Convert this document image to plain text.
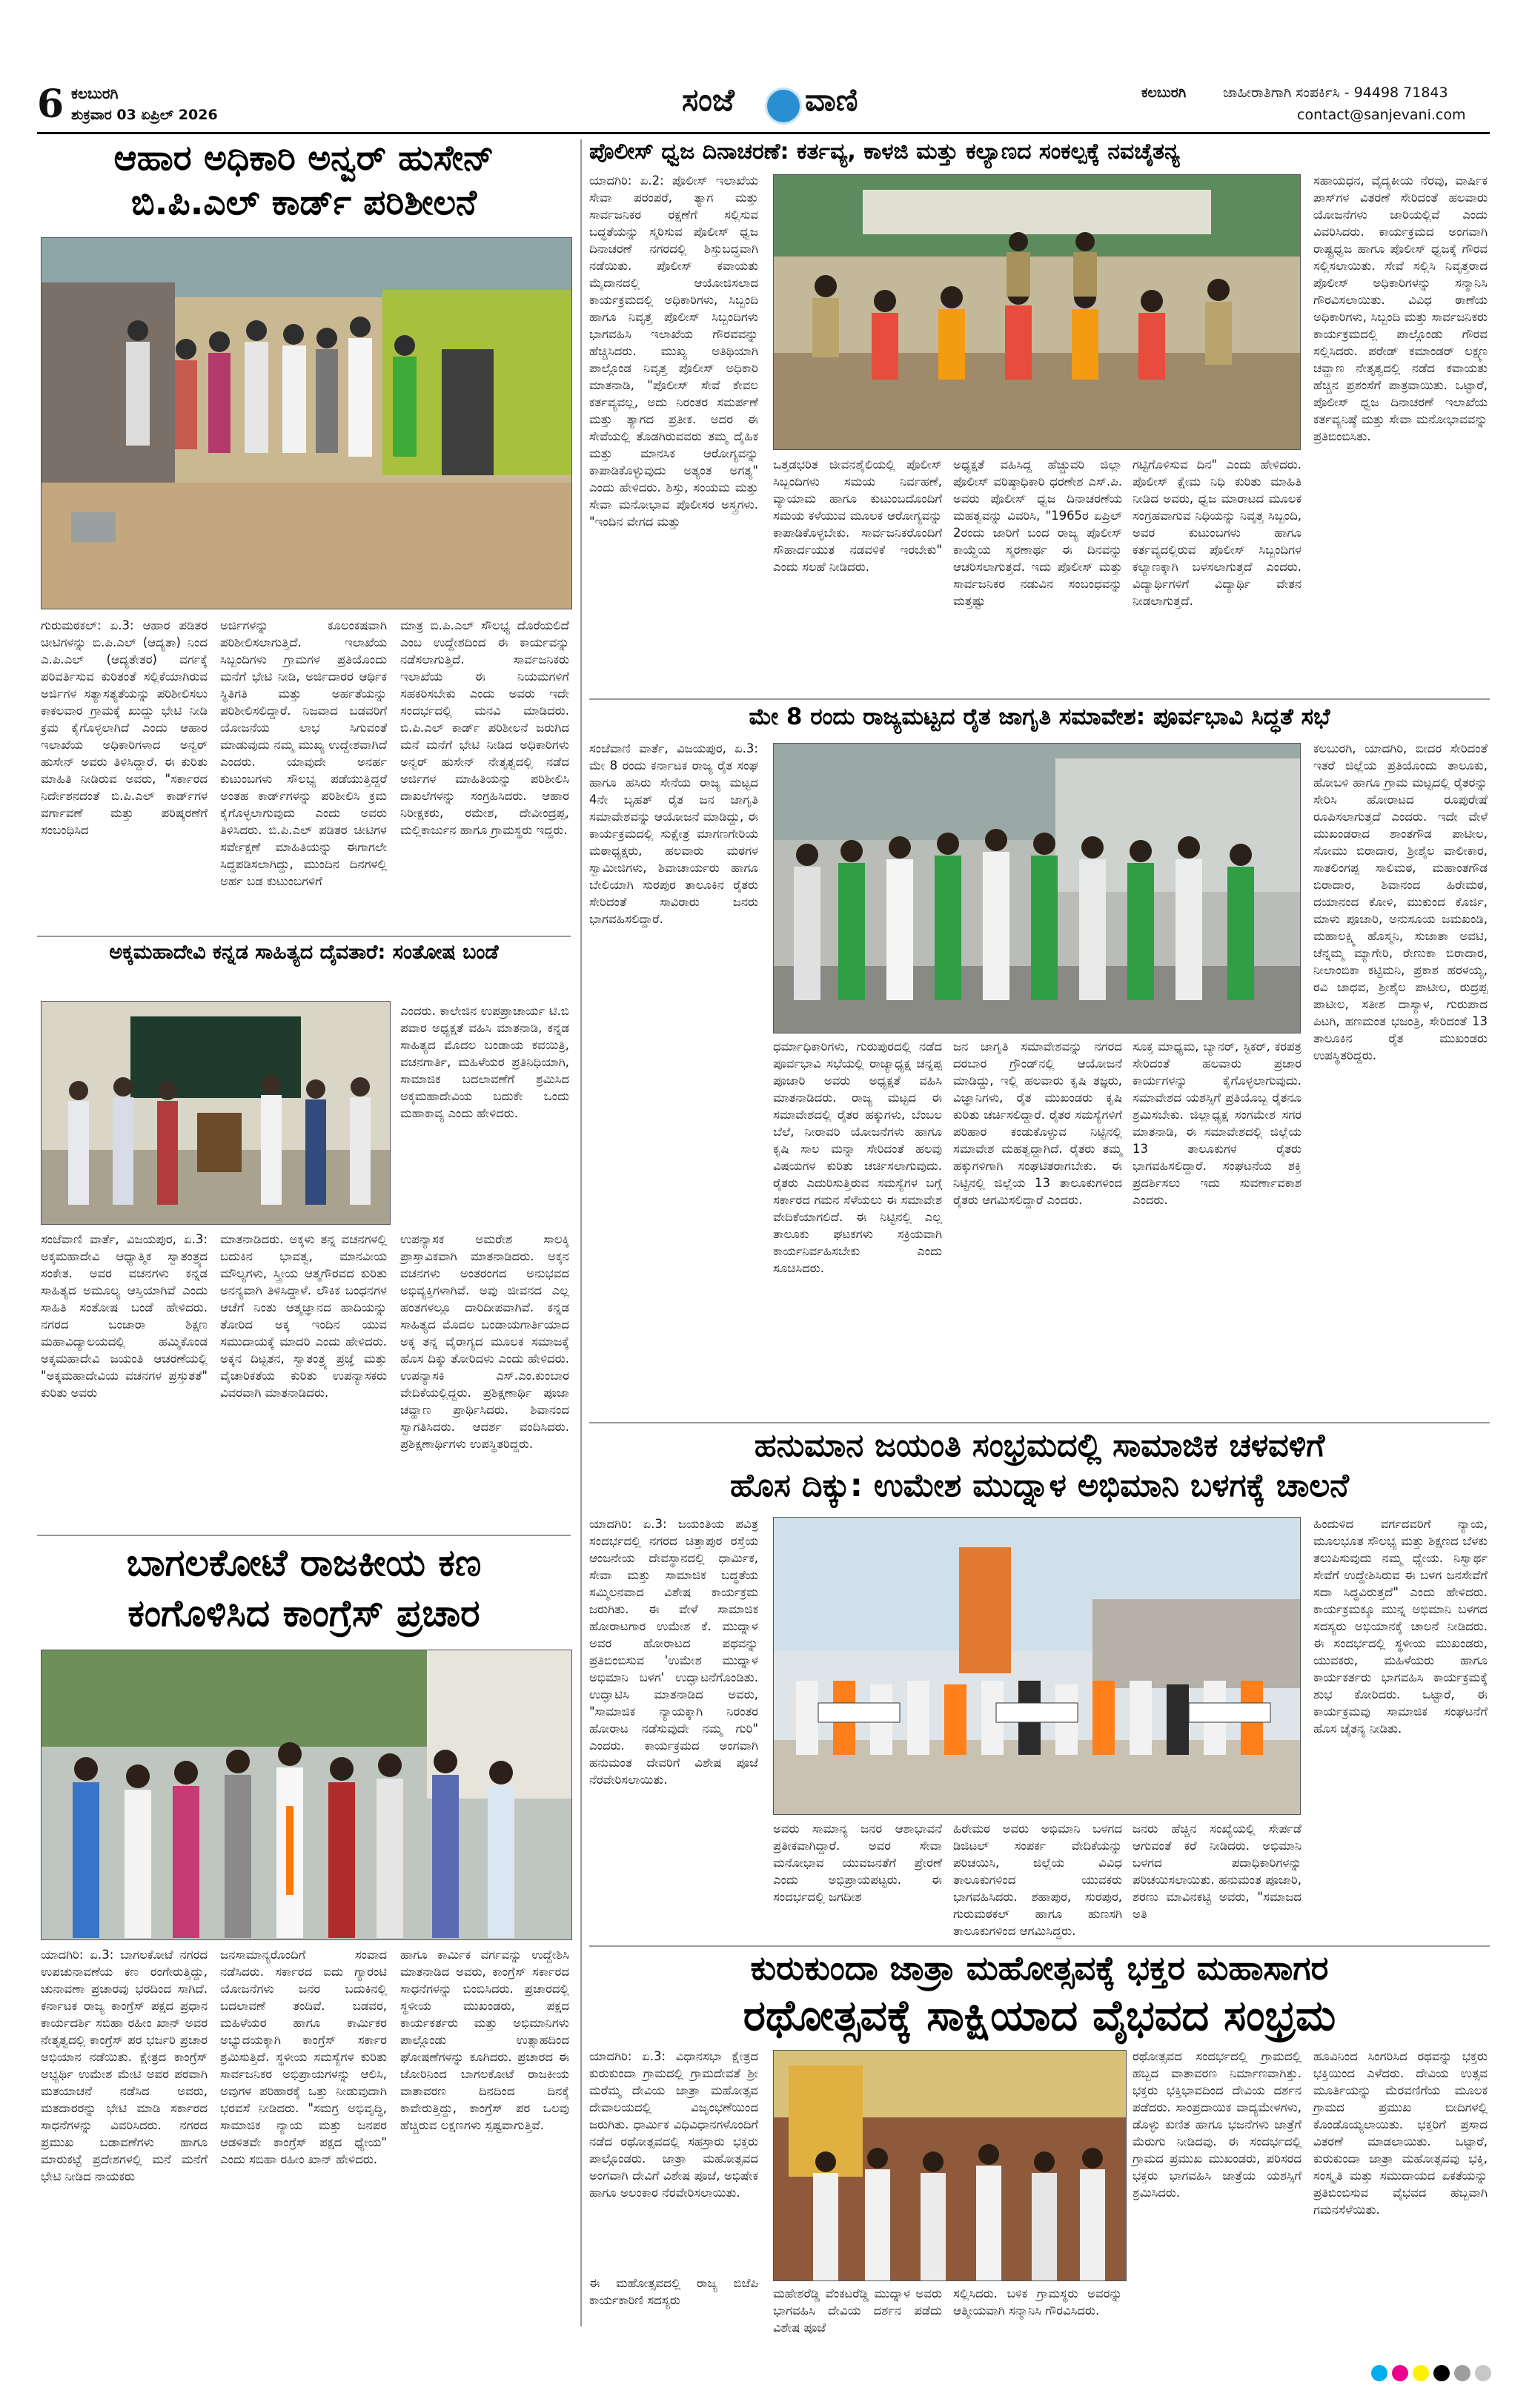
6 ಕಲಬುರಗಿ
ಶುಕ್ರವಾರ 03 ಏಪ್ರಿಲ್ 2026	ಸಂಜೆ ವಾಣಿ	ಕಲಬುರಗಿ	ಜಾಹೀರಾತಿಗಾಗಿ ಸಂಪರ್ಕಿಸಿ - 94498 71843
contact@sanjevani.com
ಆಹಾರ ಅಧಿಕಾರಿ ಅನ್ವರ್ ಹುಸೇನ್
ಬಿ.ಪಿ.ಎಲ್ ಕಾರ್ಡ್ ಪರಿಶೀಲನೆ
ಗುರುಮಠಕಲ್: ಏ.3: ಆಹಾರ ಪಡಿತರ ಚೀಟಿಗಳನ್ನು ಬಿ.ಪಿ.ಎಲ್ (ಆದ್ಯತಾ) ನಿಂದ ಎ.ಪಿ.ಎಲ್ (ಆದ್ಯತೇತರ) ವರ್ಗಕ್ಕೆ ಪರಿವರ್ತಿಸುವ ಕುರಿತಂತೆ ಸಲ್ಲಿಕೆಯಾಗಿರುವ ಅರ್ಜಿಗಳ ಸತ್ಯಾಸತ್ಯತೆಯನ್ನು ಪರಿಶೀಲಿಸಲು ಕಾಕಲವಾರ ಗ್ರಾಮಕ್ಕೆ ಖುದ್ದು ಭೇಟಿ ನೀಡಿ ಕ್ರಮ ಕೈಗೊಳ್ಳಲಾಗಿದೆ ಎಂದು ಆಹಾರ ಇಲಾಖೆಯ ಅಧಿಕಾರಿಗಳಾದ ಅನ್ವರ್ ಹುಸೇನ್ ಅವರು ತಿಳಿಸಿದ್ದಾರೆ. ಈ ಕುರಿತು ಮಾಹಿತಿ ನೀಡಿರುವ ಅವರು, "ಸರ್ಕಾರದ ನಿರ್ದೇಶನದಂತೆ ಬಿ.ಪಿ.ಎಲ್ ಕಾರ್ಡ್‌ಗಳ ವರ್ಗಾವಣೆ ಮತ್ತು ಪರಿಷ್ಕರಣೆಗೆ ಸಂಬಂಧಿಸಿದ
ಅರ್ಜಿಗಳನ್ನು ಕೂಲಂಕಷವಾಗಿ ಪರಿಶೀಲಿಸಲಾಗುತ್ತಿದೆ. ಇಲಾಖೆಯ ಸಿಬ್ಬಂದಿಗಳು ಗ್ರಾಮಗಳ ಪ್ರತಿಯೊಂದು ಮನೆಗೆ ಭೇಟಿ ನೀಡಿ, ಅರ್ಜಿದಾರರ ಆರ್ಥಿಕ ಸ್ಥಿತಿಗತಿ ಮತ್ತು ಅರ್ಹತೆಯನ್ನು ಪರಿಶೀಲಿಸಲಿದ್ದಾರೆ. ನಿಜವಾದ ಬಡವರಿಗೆ ಯೋಜನೆಯ ಲಾಭ ಸಿಗುವಂತೆ ಮಾಡುವುದು ನಮ್ಮ ಮುಖ್ಯ ಉದ್ದೇಶವಾಗಿದೆ ಎಂದರು. ಯಾವುದೇ ಅನರ್ಹ ಕುಟುಂಬಗಳು ಸೌಲಭ್ಯ ಪಡೆಯುತ್ತಿದ್ದರೆ ಅಂತಹ ಕಾರ್ಡ್‌ಗಳನ್ನು ಪರಿಶೀಲಿಸಿ ಕ್ರಮ ಕೈಗೊಳ್ಳಲಾಗುವುದು ಎಂದು ಅವರು ತಿಳಿಸಿದರು. ಬಿ.ಪಿ.ಎಲ್ ಪಡಿತರ ಚೀಟಿಗಳ ಸರ್ವೇಕ್ಷಣೆ ಮಾಹಿತಿಯನ್ನು ಈಗಾಗಲೇ ಸಿದ್ಧಪಡಿಸಲಾಗಿದ್ದು, ಮುಂದಿನ ದಿನಗಳಲ್ಲಿ ಅರ್ಹ ಬಡ ಕುಟುಂಬಗಳಿಗೆ
ಮಾತ್ರ ಬಿ.ಪಿ.ಎಲ್ ಸೌಲಭ್ಯ ದೊರೆಯಲಿದೆ ಎಂಬ ಉದ್ದೇಶದಿಂದ ಈ ಕಾರ್ಯವನ್ನು ನಡೆಸಲಾಗುತ್ತಿದೆ. ಸಾರ್ವಜನಿಕರು ಇಲಾಖೆಯ ಈ ನಿಯಮಗಳಿಗೆ ಸಹಕರಿಸಬೇಕು ಎಂದು ಅವರು ಇದೇ ಸಂದರ್ಭದಲ್ಲಿ ಮನವಿ ಮಾಡಿದರು. ಬಿ.ಪಿ.ಎಲ್ ಕಾರ್ಡ್ ಪರಿಶೀಲನೆ ಜರುಗಿದ ಮನೆ ಮನೆಗೆ ಭೇಟಿ ನೀಡಿದ ಅಧಿಕಾರಿಗಳು ಅನ್ವರ್ ಹುಸೇನ್ ನೇತೃತ್ವದಲ್ಲಿ ನಡೆದ ಅರ್ಜಿಗಳ ಮಾಹಿತಿಯನ್ನು ಪರಿಶೀಲಿಸಿ ದಾಖಲೆಗಳನ್ನು ಸಂಗ್ರಹಿಸಿದರು. ಆಹಾರ ನಿರೀಕ್ಷಕರು, ರಮೇಶ, ದೇವೀಂದ್ರಪ್ಪ, ಮಲ್ಲಿಕಾರ್ಜುನ ಹಾಗೂ ಗ್ರಾಮಸ್ಥರು ಇದ್ದರು.
ಅಕ್ಕಮಹಾದೇವಿ ಕನ್ನಡ ಸಾಹಿತ್ಯದ ದೈವತಾರೆ: ಸಂತೋಷ ಬಂಡೆ
ಎಂದರು. ಕಾಲೇಜಿನ ಉಪಪ್ರಾಚಾರ್ಯ ಟಿ.ಬಿ ಪವಾರ ಅಧ್ಯಕ್ಷತೆ ವಹಿಸಿ ಮಾತನಾಡಿ, ಕನ್ನಡ ಸಾಹಿತ್ಯದ ಮೊದಲ ಬಂಡಾಯ ಕವಯಿತ್ರಿ, ವಚನಗಾರ್ತಿ, ಮಹಿಳೆಯರ ಪ್ರತಿನಿಧಿಯಾಗಿ, ಸಾಮಾಜಿಕ ಬದಲಾವಣೆಗೆ ಶ್ರಮಿಸಿದ ಅಕ್ಕಮಹಾದೇವಿಯ ಬದುಕೇ ಒಂದು ಮಹಾಕಾವ್ಯ ಎಂದು ಹೇಳಿದರು.
ಸಂಜೆವಾಣಿ ವಾರ್ತೆ, ವಿಜಯಪುರ, ಏ.3: ಅಕ್ಕಮಹಾದೇವಿ ಆಧ್ಯಾತ್ಮಿಕ ಸ್ವಾತಂತ್ರ್ಯದ ಸಂಕೇತ. ಅವರ ವಚನಗಳು ಕನ್ನಡ ಸಾಹಿತ್ಯದ ಅಮೂಲ್ಯ ಆಸ್ತಿಯಾಗಿವೆ ಎಂದು ಸಾಹಿತಿ ಸಂತೋಷ ಬಂಡೆ ಹೇಳಿದರು. ನಗರದ ಬಂಜಾರಾ ಶಿಕ್ಷಣ ಮಹಾವಿದ್ಯಾಲಯದಲ್ಲಿ ಹಮ್ಮಿಕೊಂಡ ಅಕ್ಕಮಹಾದೇವಿ ಜಯಂತಿ ಆಚರಣೆಯಲ್ಲಿ "ಅಕ್ಕಮಹಾದೇವಿಯ ವಚನಗಳ ಪ್ರಸ್ತುತತೆ" ಕುರಿತು ಅವರು
ಮಾತನಾಡಿದರು. ಅಕ್ಕಳು ತನ್ನ ವಚನಗಳಲ್ಲಿ ಬದುಕಿನ ಭಾವತ್ವ, ಮಾನವೀಯ ಮೌಲ್ಯಗಳು, ಸ್ತ್ರೀಯ ಆತ್ಮಗೌರವದ ಕುರಿತು ಅನನ್ಯವಾಗಿ ತಿಳಿಸಿದ್ದಾಳೆ. ಲೌಕಿಕ ಬಂಧನಗಳ ಆಚೆಗೆ ನಿಂತು ಆತ್ಮಜ್ಞಾನದ ಹಾದಿಯನ್ನು ತೋರಿದ ಅಕ್ಕ ಇಂದಿನ ಯುವ ಸಮುದಾಯಕ್ಕೆ ಮಾದರಿ ಎಂದು ಹೇಳಿದರು. ಅಕ್ಕನ ದಿಟ್ಟತನ, ಸ್ವಾತಂತ್ರ್ಯ ಪ್ರಜ್ಞೆ ಮತ್ತು ವೈಚಾರಿಕತೆಯ ಕುರಿತು ಉಪನ್ಯಾಸಕರು ವಿವರವಾಗಿ ಮಾತನಾಡಿದರು.
ಉಪನ್ಯಾಸಕ ಅಮರೇಶ ಸಾಲಕ್ಕಿ ಪ್ರಾಸ್ತಾವಿಕವಾಗಿ ಮಾತನಾಡಿದರು. ಅಕ್ಕನ ವಚನಗಳು ಅಂತರಂಗದ ಅನುಭವದ ಅಭಿವ್ಯಕ್ತಿಗಳಾಗಿವೆ. ಅವು ಜೀವನದ ಎಲ್ಲ ಹಂತಗಳಲ್ಲೂ ದಾರಿದೀಪವಾಗಿವೆ. ಕನ್ನಡ ಸಾಹಿತ್ಯದ ಮೊದಲ ಬಂಡಾಯಗಾರ್ತಿಯಾದ ಅಕ್ಕ ತನ್ನ ವೈರಾಗ್ಯದ ಮೂಲಕ ಸಮಾಜಕ್ಕೆ ಹೊಸ ದಿಕ್ಕು ತೋರಿದಳು ಎಂದು ಹೇಳಿದರು. ಉಪನ್ಯಾಸಕಿ ಎಸ್.ಎಂ.ಕುಂಬಾರ ವೇದಿಕೆಯಲ್ಲಿದ್ದರು. ಪ್ರಶಿಕ್ಷಣಾರ್ಥಿ ಪೂಜಾ ಚವ್ಹಾಣ ಪ್ರಾರ್ಥಿಸಿದರು. ಶಿವಾನಂದ ಸ್ವಾಗತಿಸಿದರು. ಆದರ್ಶ ವಂದಿಸಿದರು. ಪ್ರಶಿಕ್ಷಣಾರ್ಥಿಗಳು ಉಪಸ್ಥಿತರಿದ್ದರು.
ಬಾಗಲಕೋಟೆ ರಾಜಕೀಯ ಕಣ
ಕಂಗೊಳಿಸಿದ ಕಾಂಗ್ರೆಸ್ ಪ್ರಚಾರ
ಯಾದಗಿರಿ: ಏ.3: ಬಾಗಲಕೋಟೆ ನಗರದ ಉಪಚುನಾವಣೆಯ ಕಣ ರಂಗೇರುತ್ತಿದ್ದು, ಚುನಾವಣಾ ಪ್ರಚಾರವು ಭರದಿಂದ ಸಾಗಿದೆ. ಕರ್ನಾಟಕ ರಾಜ್ಯ ಕಾಂಗ್ರೆಸ್ ಪಕ್ಷದ ಪ್ರಧಾನ ಕಾರ್ಯದರ್ಶಿ ಸಬಿಹಾ ರಹೀಂ ಖಾನ್ ಅವರ ನೇತೃತ್ವದಲ್ಲಿ ಕಾಂಗ್ರೆಸ್ ಪರ ಭರ್ಜರಿ ಪ್ರಚಾರ ಅಭಿಯಾನ ನಡೆಯಿತು. ಕ್ಷೇತ್ರದ ಕಾಂಗ್ರೆಸ್ ಅಭ್ಯರ್ಥಿ ಉಮೇಶ ಮೇಟಿ ಅವರ ಪರವಾಗಿ ಮತಯಾಚನೆ ನಡೆಸಿದ ಅವರು, ಮತದಾರರನ್ನು ಭೇಟಿ ಮಾಡಿ ಸರ್ಕಾರದ ಸಾಧನೆಗಳನ್ನು ವಿವರಿಸಿದರು. ನಗರದ ಪ್ರಮುಖ ಬಡಾವಣೆಗಳು ಹಾಗೂ ಮಾರುಕಟ್ಟೆ ಪ್ರದೇಶಗಳಲ್ಲಿ ಮನೆ ಮನೆಗೆ ಭೇಟಿ ನೀಡಿದ ನಾಯಕರು
ಜನಸಾಮಾನ್ಯರೊಂದಿಗೆ ಸಂವಾದ ನಡೆಸಿದರು. ಸರ್ಕಾರದ ಐದು ಗ್ಯಾರಂಟಿ ಯೋಜನೆಗಳು ಜನರ ಬದುಕಿನಲ್ಲಿ ಬದಲಾವಣೆ ತಂದಿವೆ. ಬಡವರ, ಮಹಿಳೆಯರ ಹಾಗೂ ಕಾರ್ಮಿಕರ ಅಭ್ಯುದಯಕ್ಕಾಗಿ ಕಾಂಗ್ರೆಸ್ ಸರ್ಕಾರ ಶ್ರಮಿಸುತ್ತಿದೆ. ಸ್ಥಳೀಯ ಸಮಸ್ಯೆಗಳ ಕುರಿತು ಸಾರ್ವಜನಿಕರ ಅಭಿಪ್ರಾಯಗಳನ್ನು ಆಲಿಸಿ, ಅವುಗಳ ಪರಿಹಾರಕ್ಕೆ ಒತ್ತು ನೀಡುವುದಾಗಿ ಭರವಸೆ ನೀಡಿದರು. "ಸಮಗ್ರ ಅಭಿವೃದ್ಧಿ, ಸಾಮಾಜಿಕ ನ್ಯಾಯ ಮತ್ತು ಜನಪರ ಆಡಳಿತವೇ ಕಾಂಗ್ರೆಸ್ ಪಕ್ಷದ ಧ್ಯೇಯ" ಎಂದು ಸಬಿಹಾ ರಹೀಂ ಖಾನ್ ಹೇಳಿದರು.
ಹಾಗೂ ಕಾರ್ಮಿಕ ವರ್ಗವನ್ನು ಉದ್ದೇಶಿಸಿ ಮಾತನಾಡಿದ ಅವರು, ಕಾಂಗ್ರೆಸ್ ಸರ್ಕಾರದ ಸಾಧನೆಗಳನ್ನು ಬಿಂಬಿಸಿದರು. ಪ್ರಚಾರದಲ್ಲಿ ಸ್ಥಳೀಯ ಮುಖಂಡರು, ಪಕ್ಷದ ಕಾರ್ಯಕರ್ತರು ಮತ್ತು ಅಭಿಮಾನಿಗಳು ಪಾಲ್ಗೊಂಡು ಉತ್ಸಾಹದಿಂದ ಘೋಷಣೆಗಳನ್ನು ಕೂಗಿದರು. ಪ್ರಚಾರದ ಈ ಜೋರಿನಿಂದ ಬಾಗಲಕೋಟೆ ರಾಜಕೀಯ ವಾತಾವರಣ ದಿನದಿಂದ ದಿನಕ್ಕೆ ಕಾವೇರುತ್ತಿದ್ದು, ಕಾಂಗ್ರೆಸ್ ಪರ ಒಲವು ಹೆಚ್ಚಿರುವ ಲಕ್ಷಣಗಳು ಸ್ಪಷ್ಟವಾಗುತ್ತಿವೆ.
ಪೊಲೀಸ್ ಧ್ವಜ ದಿನಾಚರಣೆ: ಕರ್ತವ್ಯ, ಕಾಳಜಿ ಮತ್ತು ಕಲ್ಯಾಣದ ಸಂಕಲ್ಪಕ್ಕೆ ನವಚೈತನ್ಯ
ಯಾದಗಿರಿ: ಏ.2: ಪೊಲೀಸ್ ಇಲಾಖೆಯ ಸೇವಾ ಪರಂಪರೆ, ತ್ಯಾಗ ಮತ್ತು ಸಾರ್ವಜನಿಕರ ರಕ್ಷಣೆಗೆ ಸಲ್ಲಿಸುವ ಬದ್ಧತೆಯನ್ನು ಸ್ಮರಿಸುವ ಪೊಲೀಸ್ ಧ್ವಜ ದಿನಾಚರಣೆ ನಗರದಲ್ಲಿ ಶಿಸ್ತುಬದ್ಧವಾಗಿ ನಡೆಯಿತು. ಪೊಲೀಸ್ ಕವಾಯತು ಮೈದಾನದಲ್ಲಿ ಆಯೋಜಿಸಲಾದ ಕಾರ್ಯಕ್ರಮದಲ್ಲಿ ಅಧಿಕಾರಿಗಳು, ಸಿಬ್ಬಂದಿ ಹಾಗೂ ನಿವೃತ್ತ ಪೊಲೀಸ್ ಸಿಬ್ಬಂದಿಗಳು ಭಾಗವಹಿಸಿ ಇಲಾಖೆಯ ಗೌರವವನ್ನು ಹೆಚ್ಚಿಸಿದರು. ಮುಖ್ಯ ಅತಿಥಿಯಾಗಿ ಪಾಲ್ಗೊಂಡ ನಿವೃತ್ತ ಪೊಲೀಸ್ ಅಧಿಕಾರಿ ಮಾತನಾಡಿ, "ಪೊಲೀಸ್ ಸೇವೆ ಕೇವಲ ಕರ್ತವ್ಯವಲ್ಲ, ಅದು ನಿರಂತರ ಸಮರ್ಪಣೆ ಮತ್ತು ತ್ಯಾಗದ ಪ್ರತೀಕ. ಅದರ ಈ ಸೇವೆಯಲ್ಲಿ ತೊಡಗಿರುವವರು ತಮ್ಮ ದೈಹಿಕ ಮತ್ತು ಮಾನಸಿಕ ಆರೋಗ್ಯವನ್ನು ಕಾಪಾಡಿಕೊಳ್ಳುವುದು ಅತ್ಯಂತ ಅಗತ್ಯ" ಎಂದು ಹೇಳಿದರು. ಶಿಸ್ತು, ಸಂಯಮ ಮತ್ತು ಸೇವಾ ಮನೋಭಾವ ಪೊಲೀಸರ ಅಸ್ತ್ರಗಳು. "ಇಂದಿನ ವೇಗದ ಮತ್ತು
ಒತ್ತಡಭರಿತ ಜೀವನಶೈಲಿಯಲ್ಲಿ ಪೊಲೀಸ್ ಸಿಬ್ಬಂದಿಗಳು ಸಮಯ ನಿರ್ವಹಣೆ, ವ್ಯಾಯಾಮ ಹಾಗೂ ಕುಟುಂಬದೊಂದಿಗೆ ಸಮಯ ಕಳೆಯುವ ಮೂಲಕ ಆರೋಗ್ಯವನ್ನು ಕಾಪಾಡಿಕೊಳ್ಳಬೇಕು. ಸಾರ್ವಜನಿಕರೊಂದಿಗೆ ಸೌಹಾರ್ದಯುತ ನಡವಳಿಕೆ ಇರಬೇಕು" ಎಂದು ಸಲಹೆ ನೀಡಿದರು.
ಅಧ್ಯಕ್ಷತೆ ವಹಿಸಿದ್ದ ಹೆಚ್ಚುವರಿ ಜಿಲ್ಲಾ ಪೊಲೀಸ್ ವರಿಷ್ಠಾಧಿಕಾರಿ ಧರಣೇಶ ಎಸ್.ಪಿ. ಅವರು ಪೊಲೀಸ್ ಧ್ವಜ ದಿನಾಚರಣೆಯ ಮಹತ್ವವನ್ನು ವಿವರಿಸಿ, "1965ರ ಏಪ್ರಿಲ್ 2ರಂದು ಜಾರಿಗೆ ಬಂದ ರಾಜ್ಯ ಪೊಲೀಸ್ ಕಾಯ್ದೆಯ ಸ್ಮರಣಾರ್ಥ ಈ ದಿನವನ್ನು ಆಚರಿಸಲಾಗುತ್ತದೆ. ಇದು ಪೊಲೀಸ್ ಮತ್ತು ಸಾರ್ವಜನಿಕರ ನಡುವಿನ ಸಂಬಂಧವನ್ನು ಮತ್ತಷ್ಟು
ಗಟ್ಟಿಗೊಳಿಸುವ ದಿನ" ಎಂದು ಹೇಳಿದರು. ಪೊಲೀಸ್ ಕ್ಷೇಮ ನಿಧಿ ಕುರಿತು ಮಾಹಿತಿ ನೀಡಿದ ಅವರು, ಧ್ವಜ ಮಾರಾಟದ ಮೂಲಕ ಸಂಗ್ರಹವಾಗುವ ನಿಧಿಯನ್ನು ನಿವೃತ್ತ ಸಿಬ್ಬಂದಿ, ಅವರ ಕುಟುಂಬಗಳು ಹಾಗೂ ಕರ್ತವ್ಯದಲ್ಲಿರುವ ಪೊಲೀಸ್ ಸಿಬ್ಬಂದಿಗಳ ಕಲ್ಯಾಣಕ್ಕಾಗಿ ಬಳಸಲಾಗುತ್ತದೆ ಎಂದರು. ವಿದ್ಯಾರ್ಥಿಗಳಿಗೆ ವಿದ್ಯಾರ್ಥಿ ವೇತನ ನೀಡಲಾಗುತ್ತದೆ.
ಸಹಾಯಧನ, ವೈದ್ಯಕೀಯ ನೆರವು, ವಾರ್ಷಿಕ ಪಾಸ್‌ಗಳ ವಿತರಣೆ ಸೇರಿದಂತೆ ಹಲವಾರು ಯೋಜನೆಗಳು ಜಾರಿಯಲ್ಲಿವೆ ಎಂದು ವಿವರಿಸಿದರು. ಕಾರ್ಯಕ್ರಮದ ಅಂಗವಾಗಿ ರಾಷ್ಟ್ರಧ್ವಜ ಹಾಗೂ ಪೊಲೀಸ್ ಧ್ವಜಕ್ಕೆ ಗೌರವ ಸಲ್ಲಿಸಲಾಯಿತು. ಸೇವೆ ಸಲ್ಲಿಸಿ ನಿವೃತ್ತರಾದ ಪೊಲೀಸ್ ಅಧಿಕಾರಿಗಳನ್ನು ಸನ್ಮಾನಿಸಿ ಗೌರವಿಸಲಾಯಿತು. ವಿವಿಧ ಠಾಣೆಯ ಅಧಿಕಾರಿಗಳು, ಸಿಬ್ಬಂದಿ ಮತ್ತು ಸಾರ್ವಜನಿಕರು ಕಾರ್ಯಕ್ರಮದಲ್ಲಿ ಪಾಲ್ಗೊಂಡು ಗೌರವ ಸಲ್ಲಿಸಿದರು. ಪರೇಡ್ ಕಮಾಂಡರ್ ಲಕ್ಷ್ಮಣ ಚವ್ಹಾಣ ನೇತೃತ್ವದಲ್ಲಿ ನಡೆದ ಕವಾಯತು ಹೆಚ್ಚಿನ ಪ್ರಶಂಸೆಗೆ ಪಾತ್ರವಾಯಿತು. ಒಟ್ಟಾರೆ, ಪೊಲೀಸ್ ಧ್ವಜ ದಿನಾಚರಣೆ ಇಲಾಖೆಯ ಕರ್ತವ್ಯನಿಷ್ಠೆ ಮತ್ತು ಸೇವಾ ಮನೋಭಾವವನ್ನು ಪ್ರತಿಬಿಂಬಿಸಿತು.
ಮೇ 8 ರಂದು ರಾಜ್ಯಮಟ್ಟದ ರೈತ ಜಾಗೃತಿ ಸಮಾವೇಶ: ಪೂರ್ವಭಾವಿ ಸಿದ್ಧತೆ ಸಭೆ
ಸಂಜೆವಾಣಿ ವಾರ್ತೆ, ವಿಜಯಪುರ, ಏ.3: ಮೇ 8 ರಂದು ಕರ್ನಾಟಕ ರಾಜ್ಯ ರೈತ ಸಂಘ ಹಾಗೂ ಹಸಿರು ಸೇನೆಯ ರಾಜ್ಯ ಮಟ್ಟದ 4ನೇ ಬೃಹತ್ ರೈತ ಜನ ಜಾಗೃತಿ ಸಮಾವೇಶವನ್ನು ಆಯೋಜನೆ ಮಾಡಿದ್ದು, ಈ ಕಾರ್ಯಕ್ರಮದಲ್ಲಿ ಸುಕ್ಷೇತ್ರ ಮಾಗಣಗೇರಿಯ ಮಠಾಧ್ಯಕ್ಷರು, ಹಲವಾರು ಮಠಗಳ ಸ್ವಾಮೀಜಿಗಳು, ಶಿವಾಚಾರ್ಯರು ಹಾಗೂ ಬೇಲಿಯಾಗಿ ಸುರಪುರ ತಾಲೂಕಿನ ರೈತರು ಸೇರಿದಂತೆ ಸಾವಿರಾರು ಜನರು ಭಾಗವಹಿಸಲಿದ್ದಾರೆ.
ಧರ್ಮಾಧಿಕಾರಿಗಳು, ಗುರುಪುರದಲ್ಲಿ ನಡೆದ ಪೂರ್ವಭಾವಿ ಸಭೆಯಲ್ಲಿ ರಾಜ್ಯಾಧ್ಯಕ್ಷ ಚನ್ನಪ್ಪ ಪೂಜಾರಿ ಅವರು ಅಧ್ಯಕ್ಷತೆ ವಹಿಸಿ ಮಾತನಾಡಿದರು. ರಾಜ್ಯ ಮಟ್ಟದ ಈ ಸಮಾವೇಶದಲ್ಲಿ ರೈತರ ಹಕ್ಕುಗಳು, ಬೆಂಬಲ ಬೆಲೆ, ನೀರಾವರಿ ಯೋಜನೆಗಳು ಹಾಗೂ ಕೃಷಿ ಸಾಲ ಮನ್ನಾ ಸೇರಿದಂತೆ ಹಲವು ವಿಷಯಗಳ ಕುರಿತು ಚರ್ಚಿಸಲಾಗುವುದು. ರೈತರು ಎದುರಿಸುತ್ತಿರುವ ಸಮಸ್ಯೆಗಳ ಬಗ್ಗೆ ಸರ್ಕಾರದ ಗಮನ ಸೆಳೆಯಲು ಈ ಸಮಾವೇಶ ವೇದಿಕೆಯಾಗಲಿದೆ. ಈ ನಿಟ್ಟಿನಲ್ಲಿ ಎಲ್ಲ ತಾಲೂಕು ಘಟಕಗಳು ಸಕ್ರಿಯವಾಗಿ ಕಾರ್ಯನಿರ್ವಹಿಸಬೇಕು ಎಂದು ಸೂಚಿಸಿದರು.
ಜನ ಜಾಗೃತಿ ಸಮಾವೇಶವನ್ನು ನಗರದ ದರಬಾರ ಗ್ರೌಂಡ್‌ನಲ್ಲಿ ಆಯೋಜನೆ ಮಾಡಿದ್ದು, ಇಲ್ಲಿ ಹಲವಾರು ಕೃಷಿ ತಜ್ಞರು, ವಿಜ್ಞಾನಿಗಳು, ರೈತ ಮುಖಂಡರು ಕೃಷಿ ಕುರಿತು ಚರ್ಚಿಸಲಿದ್ದಾರೆ. ರೈತರ ಸಮಸ್ಯೆಗಳಿಗೆ ಪರಿಹಾರ ಕಂಡುಕೊಳ್ಳುವ ನಿಟ್ಟಿನಲ್ಲಿ ಸಮಾವೇಶ ಮಹತ್ವದ್ದಾಗಿದೆ. ರೈತರು ತಮ್ಮ ಹಕ್ಕುಗಳಿಗಾಗಿ ಸಂಘಟಿತರಾಗಬೇಕು. ಈ ನಿಟ್ಟಿನಲ್ಲಿ ಜಿಲ್ಲೆಯ 13 ತಾಲೂಕುಗಳಿಂದ ರೈತರು ಆಗಮಿಸಲಿದ್ದಾರೆ ಎಂದರು.
ಸೂಕ್ತ ಮಾಧ್ಯಮ, ಬ್ಯಾನರ್, ಸ್ಟಿಕರ್, ಕರಪತ್ರ ಸೇರಿದಂತೆ ಹಲವಾರು ಪ್ರಚಾರ ಕಾರ್ಯಗಳನ್ನು ಕೈಗೊಳ್ಳಲಾಗುವುದು. ಸಮಾವೇಶದ ಯಶಸ್ಸಿಗೆ ಪ್ರತಿಯೊಬ್ಬ ರೈತನೂ ಶ್ರಮಿಸಬೇಕು. ಜಿಲ್ಲಾಧ್ಯಕ್ಷ ಸಂಗಮೇಶ ಸಗರ ಮಾತನಾಡಿ, ಈ ಸಮಾವೇಶದಲ್ಲಿ ಜಿಲ್ಲೆಯ 13 ತಾಲೂಕುಗಳ ರೈತರು ಭಾಗವಹಿಸಲಿದ್ದಾರೆ. ಸಂಘಟನೆಯ ಶಕ್ತಿ ಪ್ರದರ್ಶಿಸಲು ಇದು ಸುವರ್ಣಾವಕಾಶ ಎಂದರು.
ಕಲಬುರಗಿ, ಯಾದಗಿರಿ, ಬೀದರ ಸೇರಿದಂತೆ ಇತರೆ ಜಿಲ್ಲೆಯ ಪ್ರತಿಯೊಂದು ತಾಲೂಕು, ಹೋಬಳಿ ಹಾಗೂ ಗ್ರಾಮ ಮಟ್ಟದಲ್ಲಿ ರೈತರನ್ನು ಸೇರಿಸಿ ಹೋರಾಟದ ರೂಪುರೇಷೆ ರೂಪಿಸಲಾಗುತ್ತದೆ ಎಂದರು. ಇದೇ ವೇಳೆ ಮುಖಂಡರಾದ ಶಾಂತಗೌಡ ಪಾಟೀಲ, ಸೋಮು ಬಿರಾದಾರ, ಶ್ರೀಶೈಲ ವಾಲೀಕಾರ, ಸಾತಲಿಂಗಪ್ಪ ಸಾಲಿಮಠ, ಮಹಾಂತಗೌಡ ಬಿರಾದಾರ, ಶಿವಾನಂದ ಹಿರೇಮಠ, ದಯಾನಂದ ಕೋಳಿ, ಮುಕುಂದ ಕೊರ್ಜಿ, ಮಾಳು ಪೂಜಾರಿ, ಅನುಸೂಯ ಜಮಖಂಡಿ, ಮಹಾಲಕ್ಷ್ಮಿ ಹೊಸ್ಮನಿ, ಸುಜಾತಾ ಅವಟಿ, ಚೆನ್ನಮ್ಮ ಮ್ಯಾಗೇರಿ, ರೇಣುಕಾ ಬಿರಾದಾರ, ನೀಲಾಂಬಿಕಾ ಕಟ್ಟಿಮನಿ, ಪ್ರಕಾಶ ಹರಳಯ್ಯ, ರವಿ ಜಾಧವ, ಶ್ರೀಶೈಲ ಪಾಟೀಲ, ರುದ್ರಪ್ಪ ಪಾಟೀಲ, ಸತೀಶ ದಾಸ್ಯಾಳ, ಗುರುಪಾದ ಪಿಟಗಿ, ಹಣಮಂತ ಭಜಂತ್ರಿ, ಸೇರಿದಂತೆ 13 ತಾಲೂಕಿನ ರೈತ ಮುಖಂಡರು ಉಪಸ್ಥಿತರಿದ್ದರು.
ಹನುಮಾನ ಜಯಂತಿ ಸಂಭ್ರಮದಲ್ಲಿ ಸಾಮಾಜಿಕ ಚಳವಳಿಗೆ
ಹೊಸ ದಿಕ್ಕು: ಉಮೇಶ ಮುದ್ನಾಳ ಅಭಿಮಾನಿ ಬಳಗಕ್ಕೆ ಚಾಲನೆ
ಯಾದಗಿರಿ: ಏ.3: ಜಯಂತಿಯ ಪವಿತ್ರ ಸಂದರ್ಭದಲ್ಲಿ ನಗರದ ಚಿತ್ತಾಪುರ ರಸ್ತೆಯ ಆಂಜನೇಯ ದೇವಸ್ಥಾನದಲ್ಲಿ ಧಾರ್ಮಿಕ, ಸೇವಾ ಮತ್ತು ಸಾಮಾಜಿಕ ಬದ್ಧತೆಯ ಸಮ್ಮಿಲನವಾದ ವಿಶೇಷ ಕಾರ್ಯಕ್ರಮ ಜರುಗಿತು. ಈ ವೇಳೆ ಸಾಮಾಜಿಕ ಹೋರಾಟಗಾರ ಉಮೇಶ ಕೆ. ಮುದ್ನಾಳ ಅವರ ಹೋರಾಟದ ಪಥವನ್ನು ಪ್ರತಿಬಿಂಬಿಸುವ 'ಉಮೇಶ ಮುದ್ನಾಳ ಅಭಿಮಾನಿ ಬಳಗ' ಉದ್ಘಾಟನೆಗೊಂಡಿತು. ಉದ್ಘಾಟಿಸಿ ಮಾತನಾಡಿದ ಅವರು, "ಸಾಮಾಜಿಕ ನ್ಯಾಯಕ್ಕಾಗಿ ನಿರಂತರ ಹೋರಾಟ ನಡೆಸುವುದೇ ನಮ್ಮ ಗುರಿ" ಎಂದರು. ಕಾರ್ಯಕ್ರಮದ ಅಂಗವಾಗಿ ಹನುಮಂತ ದೇವರಿಗೆ ವಿಶೇಷ ಪೂಜೆ ನೆರವೇರಿಸಲಾಯಿತು.
ಅವರು ಸಾಮಾನ್ಯ ಜನರ ಆಶಾಭಾವನೆ ಪ್ರತೀಕವಾಗಿದ್ದಾರೆ. ಅವರ ಸೇವಾ ಮನೋಭಾವ ಯುವಜನತೆಗೆ ಪ್ರೇರಣೆ ಎಂದು ಅಭಿಪ್ರಾಯಪಟ್ಟರು. ಈ ಸಂದರ್ಭದಲ್ಲಿ ಜಗದೀಶ
ಹಿರೇಮಠ ಅವರು ಅಭಿಮಾನಿ ಬಳಗದ ಡಿಜಿಟಲ್ ಸಂಪರ್ಕ ವೇದಿಕೆಯನ್ನು ಪರಿಚಯಿಸಿ, ಜಿಲ್ಲೆಯ ವಿವಿಧ ತಾಲೂಕುಗಳಿಂದ ಯುವಕರು ಭಾಗವಹಿಸಿದರು. ಶಹಾಪುರ, ಸುರಪುರ, ಗುರುಮಠಕಲ್ ಹಾಗೂ ಹುಣಸಗಿ ತಾಲೂಕುಗಳಿಂದ ಆಗಮಿಸಿದ್ದರು.
ಜನರು ಹೆಚ್ಚಿನ ಸಂಖ್ಯೆಯಲ್ಲಿ ಸೇರ್ಪಡೆ ಆಗುವಂತೆ ಕರೆ ನೀಡಿದರು. ಅಭಿಮಾನಿ ಬಳಗದ ಪದಾಧಿಕಾರಿಗಳನ್ನು ಪರಿಚಯಿಸಲಾಯಿತು. ಹನುಮಂತ ಪೂಜಾರಿ, ಶರಣು ಮಾವಿನಕಟ್ಟಿ ಅವರು, "ಸಮಾಜದ ಅತಿ
ಹಿಂದುಳಿದ ವರ್ಗದವರಿಗೆ ನ್ಯಾಯ, ಮೂಲಭೂತ ಸೌಲಭ್ಯ ಮತ್ತು ಶಿಕ್ಷಣದ ಬೆಳಕು ತಲುಪಿಸುವುದು ನಮ್ಮ ಧ್ಯೇಯ. ನಿಸ್ವಾರ್ಥ ಸೇವೆಗೆ ಉದ್ದೇಶಿಸಿರುವ ಈ ಬಳಗ ಜನಸೇವೆಗೆ ಸದಾ ಸಿದ್ಧವಿರುತ್ತದೆ" ಎಂದು ಹೇಳಿದರು. ಕಾರ್ಯಕ್ರಮಕ್ಕೂ ಮುನ್ನ ಅಭಿಮಾನಿ ಬಳಗದ ಸದಸ್ಯರು ಅಭಿಯಾನಕ್ಕೆ ಚಾಲನೆ ನೀಡಿದರು. ಈ ಸಂದರ್ಭದಲ್ಲಿ ಸ್ಥಳೀಯ ಮುಖಂಡರು, ಯುವಕರು, ಮಹಿಳೆಯರು ಹಾಗೂ ಕಾರ್ಯಕರ್ತರು ಭಾಗವಹಿಸಿ ಕಾರ್ಯಕ್ರಮಕ್ಕೆ ಶುಭ ಕೋರಿದರು. ಒಟ್ಟಾರೆ, ಈ ಕಾರ್ಯಕ್ರಮವು ಸಾಮಾಜಿಕ ಸಂಘಟನೆಗೆ ಹೊಸ ಚೈತನ್ಯ ನೀಡಿತು.
ಕುರುಕುಂದಾ ಜಾತ್ರಾ ಮಹೋತ್ಸವಕ್ಕೆ ಭಕ್ತರ ಮಹಾಸಾಗರ
ರಥೋತ್ಸವಕ್ಕೆ ಸಾಕ್ಷಿಯಾದ ವೈಭವದ ಸಂಭ್ರಮ
ಯಾದಗಿರಿ: ಏ.3: ವಿಧಾನಸಭಾ ಕ್ಷೇತ್ರದ ಕುರುಕುಂದಾ ಗ್ರಾಮದಲ್ಲಿ ಗ್ರಾಮದೇವತೆ ಶ್ರೀ ಮರೆಮ್ಮ ದೇವಿಯ ಜಾತ್ರಾ ಮಹೋತ್ಸವ ದೇವಾಲಯದಲ್ಲಿ ವಿಜೃಂಭಣೆಯಿಂದ ಜರುಗಿತು. ಧಾರ್ಮಿಕ ವಿಧಿವಿಧಾನಗಳೊಂದಿಗೆ ನಡೆದ ರಥೋತ್ಸವದಲ್ಲಿ ಸಹಸ್ರಾರು ಭಕ್ತರು ಪಾಲ್ಗೊಂಡರು. ಜಾತ್ರಾ ಮಹೋತ್ಸವದ ಅಂಗವಾಗಿ ದೇವಿಗೆ ವಿಶೇಷ ಪೂಜೆ, ಅಭಿಷೇಕ ಹಾಗೂ ಅಲಂಕಾರ ನೆರವೇರಿಸಲಾಯಿತು.
ಈ ಮಹೋತ್ಸವದಲ್ಲಿ ರಾಜ್ಯ ಬಿಜೆಪಿ ಕಾರ್ಯಕಾರಿಣಿ ಸದಸ್ಯರು	ಮಹೇಶರೆಡ್ಡಿ ವೆಂಕಟರೆಡ್ಡಿ ಮುದ್ನಾಳ ಅವರು ಭಾಗವಹಿಸಿ ದೇವಿಯ ದರ್ಶನ ಪಡೆದು ವಿಶೇಷ ಪೂಜೆ
ಸಲ್ಲಿಸಿದರು. ಬಳಿಕ ಗ್ರಾಮಸ್ಥರು ಅವರನ್ನು ಆತ್ಮೀಯವಾಗಿ ಸನ್ಮಾನಿಸಿ ಗೌರವಿಸಿದರು.
ರಥೋತ್ಸವದ ಸಂದರ್ಭದಲ್ಲಿ ಗ್ರಾಮದಲ್ಲಿ ಹಬ್ಬದ ವಾತಾವರಣ ನಿರ್ಮಾಣವಾಗಿತ್ತು. ಭಕ್ತರು ಭಕ್ತಿಭಾವದಿಂದ ದೇವಿಯ ದರ್ಶನ ಪಡೆದರು. ಸಾಂಪ್ರದಾಯಿಕ ವಾದ್ಯಮೇಳಗಳು, ಡೊಳ್ಳು ಕುಣಿತ ಹಾಗೂ ಭಜನೆಗಳು ಜಾತ್ರೆಗೆ ಮೆರುಗು ನೀಡಿದವು. ಈ ಸಂದರ್ಭದಲ್ಲಿ ಗ್ರಾಮದ ಪ್ರಮುಖ ಮುಖಂಡರು, ಪರಿಸರದ ಭಕ್ತರು ಭಾಗವಹಿಸಿ ಜಾತ್ರೆಯ ಯಶಸ್ಸಿಗೆ ಶ್ರಮಿಸಿದರು.
ಹೂವಿನಿಂದ ಸಿಂಗರಿಸಿದ ರಥವನ್ನು ಭಕ್ತರು ಭಕ್ತಿಯಿಂದ ಎಳೆದರು. ದೇವಿಯ ಉತ್ಸವ ಮೂರ್ತಿಯನ್ನು ಮೆರವಣಿಗೆಯ ಮೂಲಕ ಗ್ರಾಮದ ಪ್ರಮುಖ ಬೀದಿಗಳಲ್ಲಿ ಕೊಂಡೊಯ್ಯಲಾಯಿತು. ಭಕ್ತರಿಗೆ ಪ್ರಸಾದ ವಿತರಣೆ ಮಾಡಲಾಯಿತು. ಒಟ್ಟಾರೆ, ಕುರುಕುಂದಾ ಜಾತ್ರಾ ಮಹೋತ್ಸವವು ಭಕ್ತಿ, ಸಂಸ್ಕೃತಿ ಮತ್ತು ಸಮುದಾಯದ ಏಕತೆಯನ್ನು ಪ್ರತಿಬಿಂಬಿಸುವ ವೈಭವದ ಹಬ್ಬವಾಗಿ ಗಮನಸೆಳೆಯಿತು.
